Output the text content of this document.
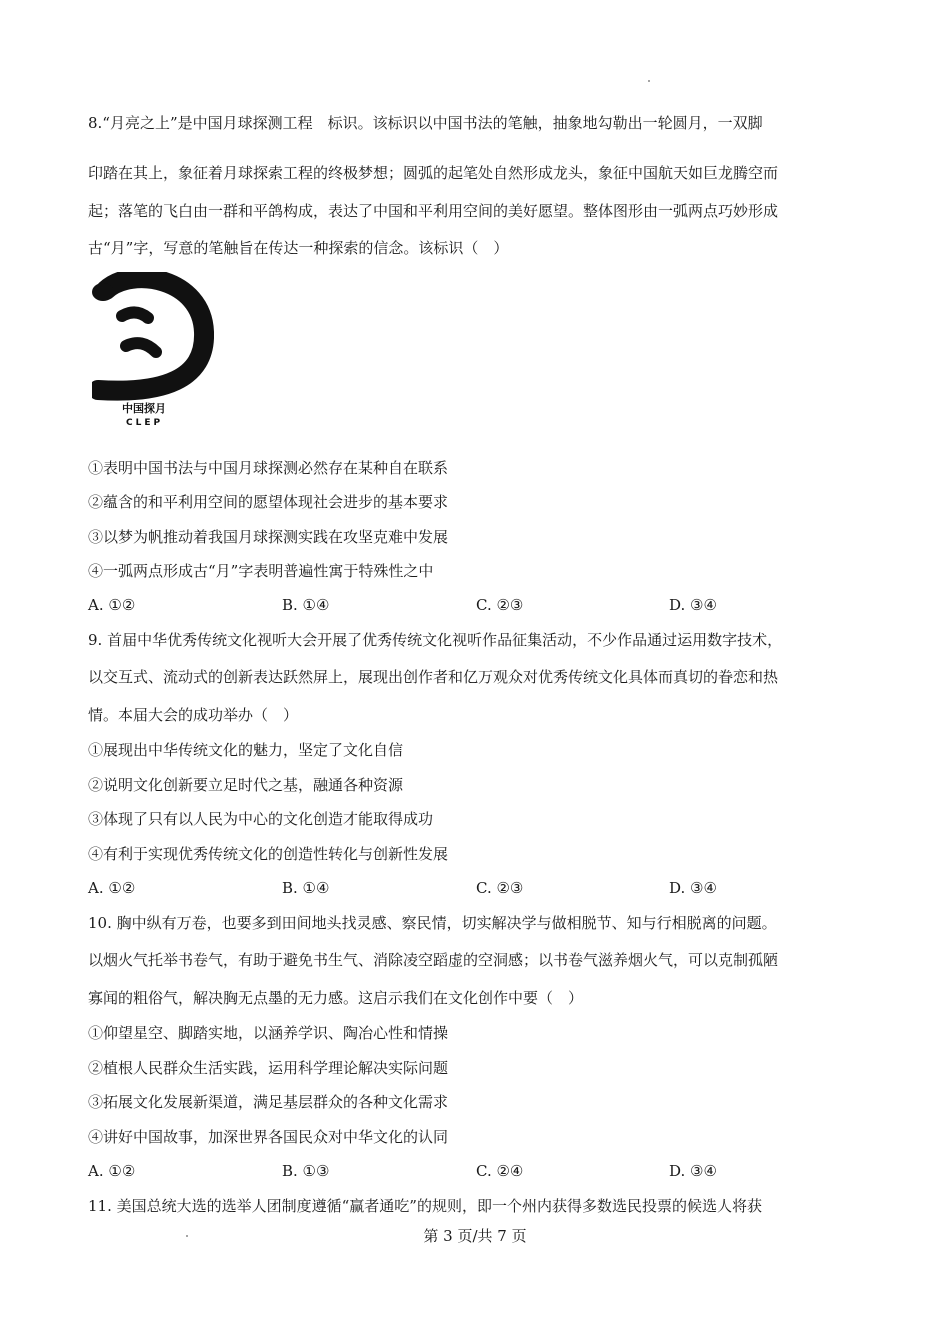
8.“月亮之上”是中国月球探测工程　标识。该标识以中国书法的笔触，抽象地勾勒出一轮圆月，一双脚
印踏在其上，象征着月球探索工程的终极梦想；圆弧的起笔处自然形成龙头，象征中国航天如巨龙腾空而
起；落笔的飞白由一群和平鸽构成，表达了中国和平利用空间的美好愿望。整体图形由一弧两点巧妙形成
古“月”字，写意的笔触旨在传达一种探索的信念。该标识（　）
中国探月
CLEP
①表明中国书法与中国月球探测必然存在某种自在联系
②蕴含的和平利用空间的愿望体现社会进步的基本要求
③以梦为帆推动着我国月球探测实践在攻坚克难中发展
④一弧两点形成古“月”字表明普遍性寓于特殊性之中
A. ①②	B. ①④	C. ②③	D. ③④
9. 首届中华优秀传统文化视听大会开展了优秀传统文化视听作品征集活动，不少作品通过运用数字技术，
以交互式、流动式的创新表达跃然屏上，展现出创作者和亿万观众对优秀传统文化具体而真切的眷恋和热
情。本届大会的成功举办（　）
①展现出中华传统文化的魅力，坚定了文化自信
②说明文化创新要立足时代之基，融通各种资源
③体现了只有以人民为中心的文化创造才能取得成功
④有利于实现优秀传统文化的创造性转化与创新性发展
A. ①②	B. ①④	C. ②③	D. ③④
10. 胸中纵有万卷，也要多到田间地头找灵感、察民情，切实解决学与做相脱节、知与行相脱离的问题。
以烟火气托举书卷气，有助于避免书生气、消除凌空蹈虚的空洞感；以书卷气滋养烟火气，可以克制孤陋
寡闻的粗俗气，解决胸无点墨的无力感。这启示我们在文化创作中要（　）
①仰望星空、脚踏实地，以涵养学识、陶冶心性和情操
②植根人民群众生活实践，运用科学理论解决实际问题
③拓展文化发展新渠道，满足基层群众的各种文化需求
④讲好中国故事，加深世界各国民众对中华文化的认同
A. ①②	B. ①③	C. ②④	D. ③④
11. 美国总统大选的选举人团制度遵循“赢者通吃”的规则，即一个州内获得多数选民投票的候选人将获
第 3 页/共 7 页
